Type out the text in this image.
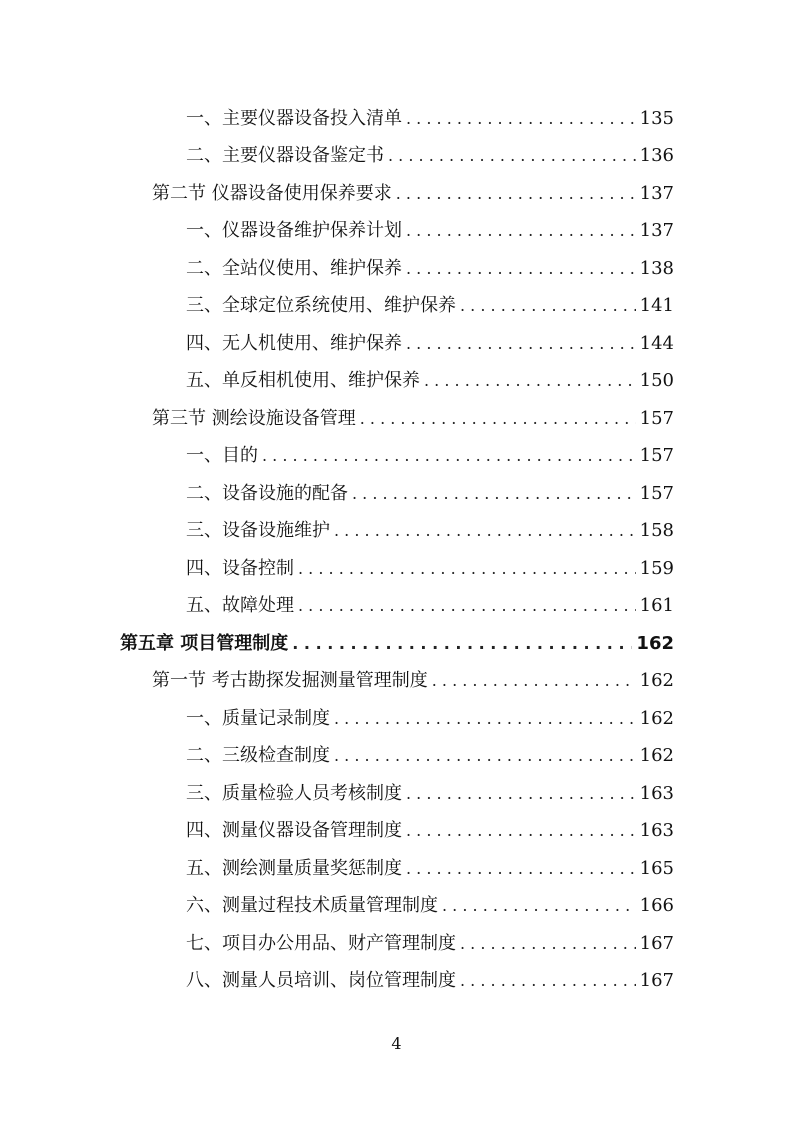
一、主要仪器设备投入清单 . . .	135
二、主要仪器设备鉴定书 . . .	136
第二节 仪器设备使用保养要求 . . .	137
一、仪器设备维护保养计划 . . .	137
二、全站仪使用、维护保养 . . .	138
三、全球定位系统使用、维护保养 . . .	141
四、无人机使用、维护保养 . . .	144
五、单反相机使用、维护保养 . . .	150
第三节 测绘设施设备管理 . . .	157
一、目的 . . .	157
二、设备设施的配备 . . .	157
三、设备设施维护 . . .	158
四、设备控制 . . .	159
五、故障处理 . . .	161
第五章 项目管理制度 . . .	162
第一节 考古勘探发掘测量管理制度 . . .	162
一、质量记录制度 . . .	162
二、三级检查制度 . . .	162
三、质量检验人员考核制度 . . .	163
四、测量仪器设备管理制度 . . .	163
五、测绘测量质量奖惩制度 . . .	165
六、测量过程技术质量管理制度 . . .	166
七、项目办公用品、财产管理制度 . . .	167
八、测量人员培训、岗位管理制度 . . .	167
4
